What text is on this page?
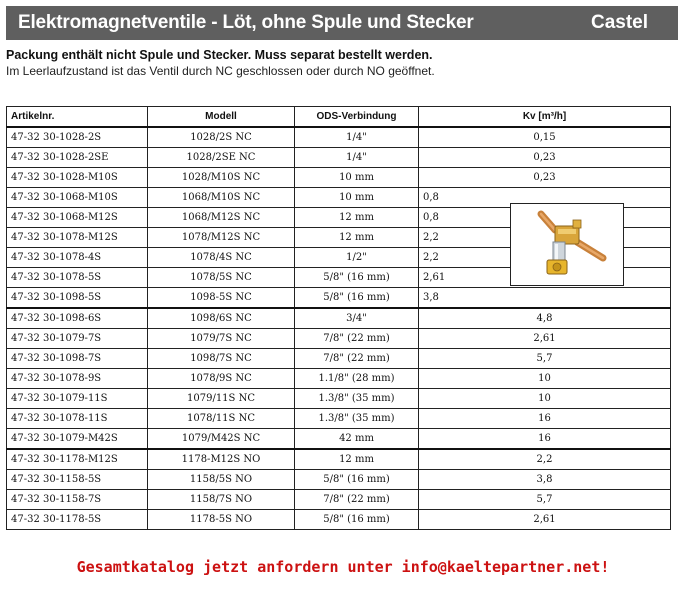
Elektromagnetventile - Löt, ohne Spule und Stecker	Castel
Packung enthält nicht Spule und Stecker. Muss separat bestellt werden.
Im Leerlaufzustand ist das Ventil durch NC geschlossen oder durch NO geöffnet.
Artikelnr.	Modell	ODS-Verbindung	Kv [m³/h]
47-32 30-1028-2S	1028/2S NC	1/4"	0,15
47-32 30-1028-2SE	1028/2SE NC	1/4"	0,23
47-32 30-1028-M10S	1028/M10S NC	10 mm	0,23
47-32 30-1068-M10S	1068/M10S NC	10 mm	0,8
47-32 30-1068-M12S	1068/M12S NC	12 mm	0,8
47-32 30-1078-M12S	1078/M12S NC	12 mm	2,2
47-32 30-1078-4S	1078/4S NC	1/2"	2,2
47-32 30-1078-5S	1078/5S NC	5/8" (16 mm)	2,61
47-32 30-1098-5S	1098-5S NC	5/8" (16 mm)	3,8
47-32 30-1098-6S	1098/6S NC	3/4"	4,8
47-32 30-1079-7S	1079/7S NC	7/8" (22 mm)	2,61
47-32 30-1098-7S	1098/7S NC	7/8" (22 mm)	5,7
47-32 30-1078-9S	1078/9S NC	1.1/8" (28 mm)	10
47-32 30-1079-11S	1079/11S NC	1.3/8" (35 mm)	10
47-32 30-1078-11S	1078/11S NC	1.3/8" (35 mm)	16
47-32 30-1079-M42S	1079/M42S NC	42 mm	16
47-32 30-1178-M12S	1178-M12S NO	12 mm	2,2
47-32 30-1158-5S	1158/5S NO	5/8" (16 mm)	3,8
47-32 30-1158-7S	1158/7S NO	7/8" (22 mm)	5,7
47-32 30-1178-5S	1178-5S NO	5/8" (16 mm)	2,61
Gesamtkatalog jetzt anfordern unter info@kaeltepartner.net!
